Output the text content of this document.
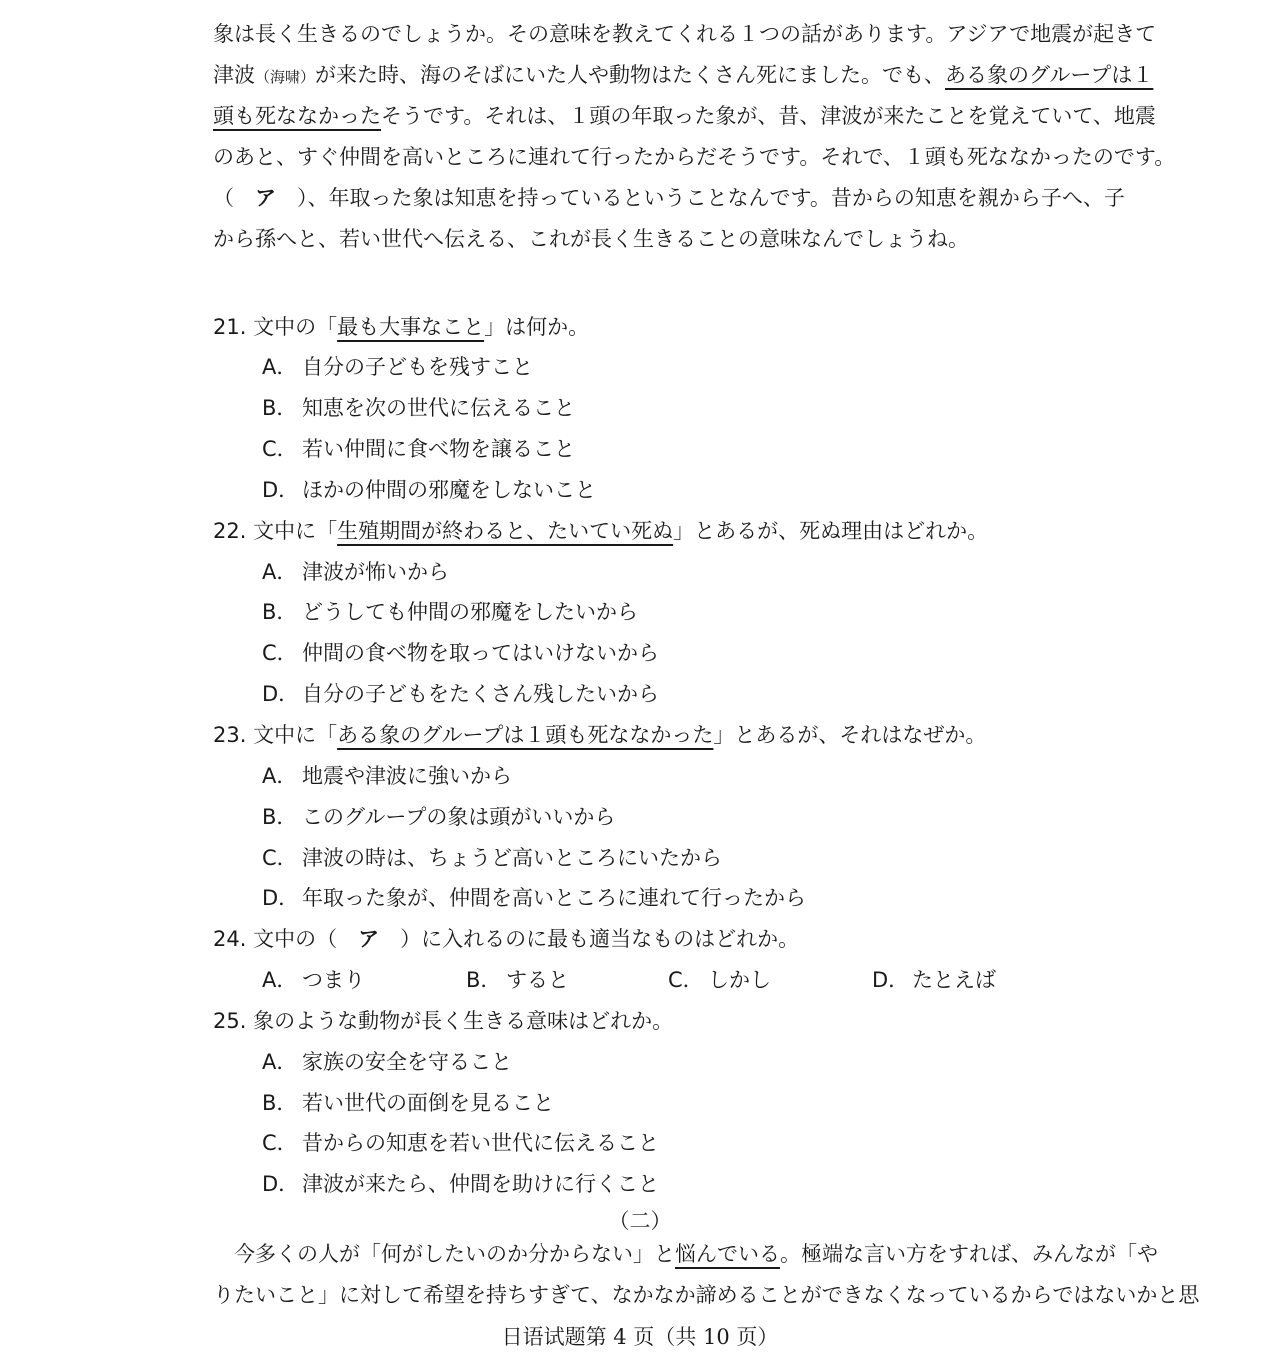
象は長く生きるのでしょうか。その意味を教えてくれる１つの話があります。アジアで地震が起きて
津波（海啸）が来た時、海のそばにいた人や動物はたくさん死にました。でも、ある象のグループは１
頭も死ななかったそうです。それは、１頭の年取った象が、昔、津波が来たことを覚えていて、地震
のあと、すぐ仲間を高いところに連れて行ったからだそうです。それで、１頭も死ななかったのです。
（　ア　）、年取った象は知恵を持っているということなんです。昔からの知恵を親から子へ、子
から孫へと、若い世代へ伝える、これが長く生きることの意味なんでしょうね。
21. 文中の「最も大事なこと」は何か。
A． 自分の子どもを残すこと
B． 知恵を次の世代に伝えること
C． 若い仲間に食べ物を譲ること
D． ほかの仲間の邪魔をしないこと
22. 文中に「生殖期間が終わると、たいてい死ぬ」とあるが、死ぬ理由はどれか。
A． 津波が怖いから
B． どうしても仲間の邪魔をしたいから
C． 仲間の食べ物を取ってはいけないから
D． 自分の子どもをたくさん残したいから
23. 文中に「ある象のグループは１頭も死ななかった」とあるが、それはなぜか。
A． 地震や津波に強いから
B． このグループの象は頭がいいから
C． 津波の時は、ちょうど高いところにいたから
D． 年取った象が、仲間を高いところに連れて行ったから
24. 文中の（　ア　）に入れるのに最も適当なものはどれか。
A． つまり	B． すると	C． しかし	D． たとえば
25. 象のような動物が長く生きる意味はどれか。
A． 家族の安全を守ること
B． 若い世代の面倒を見ること
C． 昔からの知恵を若い世代に伝えること
D． 津波が来たら、仲間を助けに行くこと
（二）
今多くの人が「何がしたいのか分からない」と悩んでいる。極端な言い方をすれば、みんなが「や
りたいこと」に対して希望を持ちすぎて、なかなか諦めることができなくなっているからではないかと思
日语试题第 4 页（共 10 页）
